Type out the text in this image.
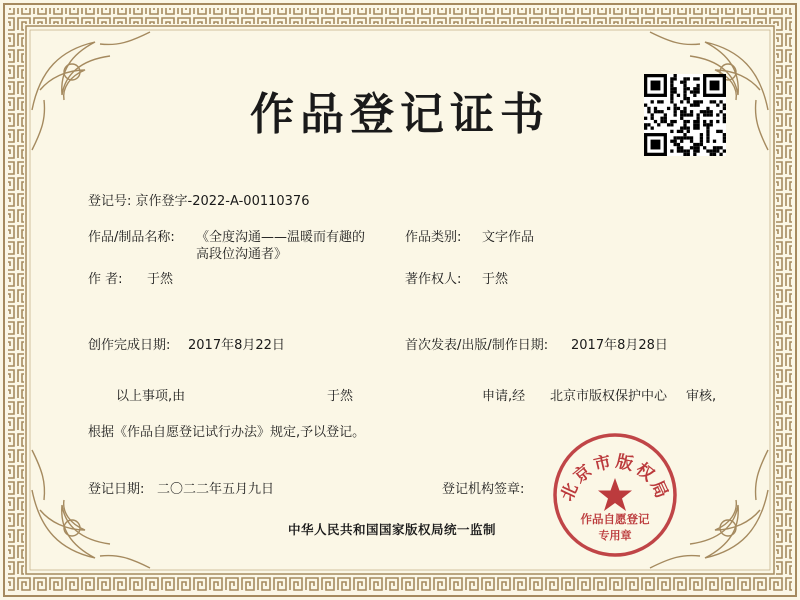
作品登记证书
登记号: 京作登字-2022-A-00110376
作品/制品名称: 《全度沟通——温暖而有趣的
高段位沟通者》
作品类别: 文字作品
作 者: 于然	著作权人: 于然
创作完成日期: 2017年8月22日	首次发表/出版/制作日期: 2017年8月28日
以上事项,由	于然	申请,经 北京市版权保护中心 审核,
根据《作品自愿登记试行办法》规定,予以登记。
登记日期: 二〇二二年五月九日	登记机构签章:
中华人民共和国国家版权局统一监制
北京市版权局
作品自愿登记
专用章
